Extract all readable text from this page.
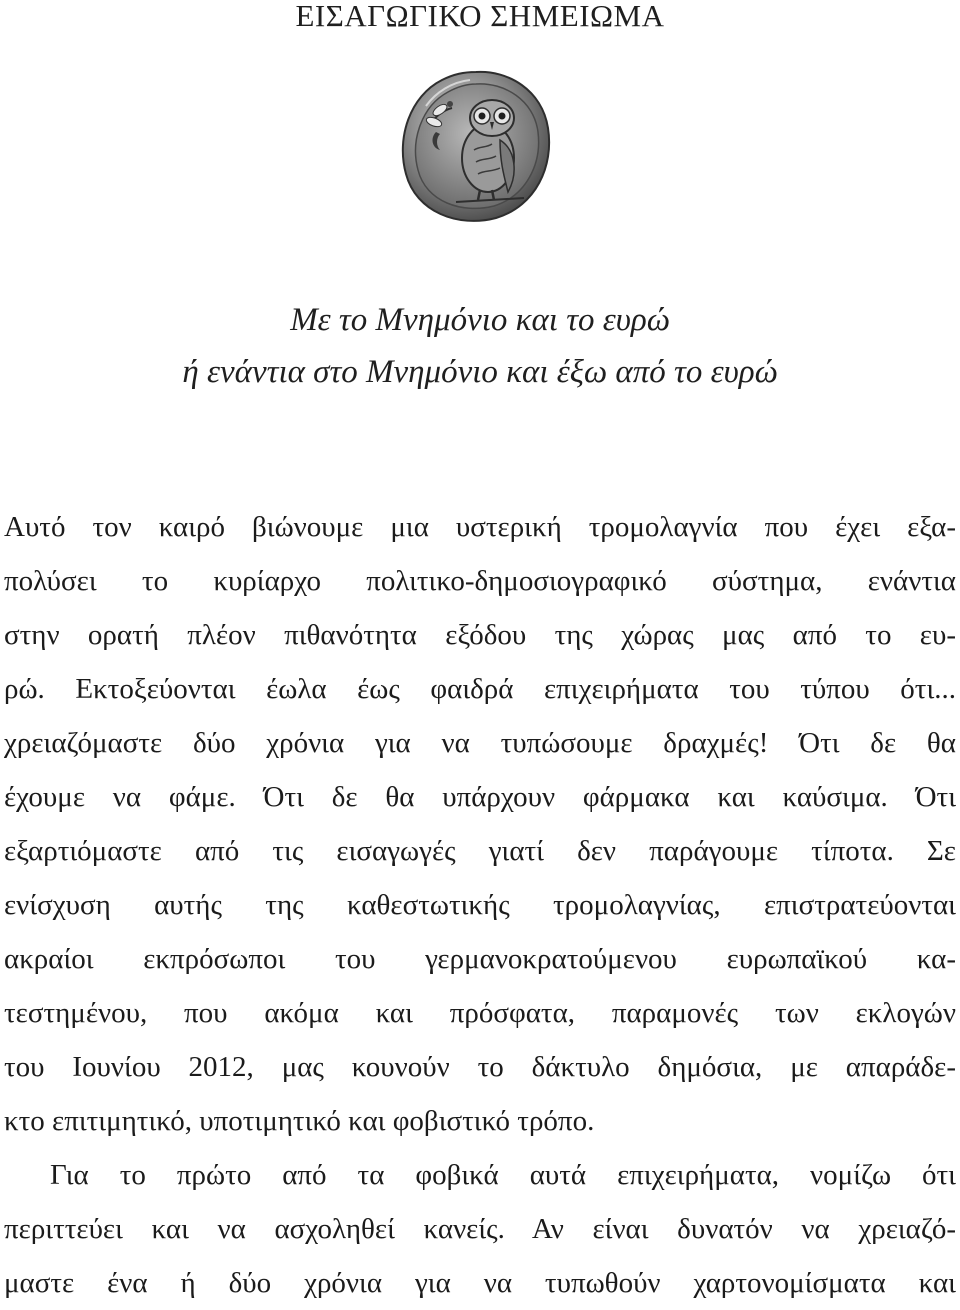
ΕΙΣΑΓΩΓΙΚΟ ΣΗΜΕΙΩΜΑ
Με το Μνημόνιο και το ευρώ
ή ενάντια στο Μνημόνιο και έξω από το ευρώ
Αυτό τον καιρό βιώνουμε μια υστερική τρομολαγνία που έχει εξα-
πολύσει το κυρίαρχο πολιτικο-δημοσιογραφικό σύστημα, ενάντια
στην ορατή πλέον πιθανότητα εξόδου της χώρας μας από το ευ-
ρώ. Εκτοξεύονται έωλα έως φαιδρά επιχειρήματα του τύπου ότι...
χρειαζόμαστε δύο χρόνια για να τυπώσουμε δραχμές! Ότι δε θα
έχουμε να φάμε. Ότι δε θα υπάρχουν φάρμακα και καύσιμα. Ότι
εξαρτιόμαστε από τις εισαγωγές γιατί δεν παράγουμε τίποτα. Σε
ενίσχυση αυτής της καθεστωτικής τρομολαγνίας, επιστρατεύονται
ακραίοι εκπρόσωποι του γερμανοκρατούμενου ευρωπαϊκού κα-
τεστημένου, που ακόμα και πρόσφατα, παραμονές των εκλογών
του Ιουνίου 2012, μας κουνούν το δάκτυλο δημόσια, με απαράδε-
κτο επιτιμητικό, υποτιμητικό και φοβιστικό τρόπο.
Για το πρώτο από τα φοβικά αυτά επιχειρήματα, νομίζω ότι
περιττεύει και να ασχοληθεί κανείς. Αν είναι δυνατόν να χρειαζό-
μαστε ένα ή δύο χρόνια για να τυπωθούν χαρτονομίσματα και
